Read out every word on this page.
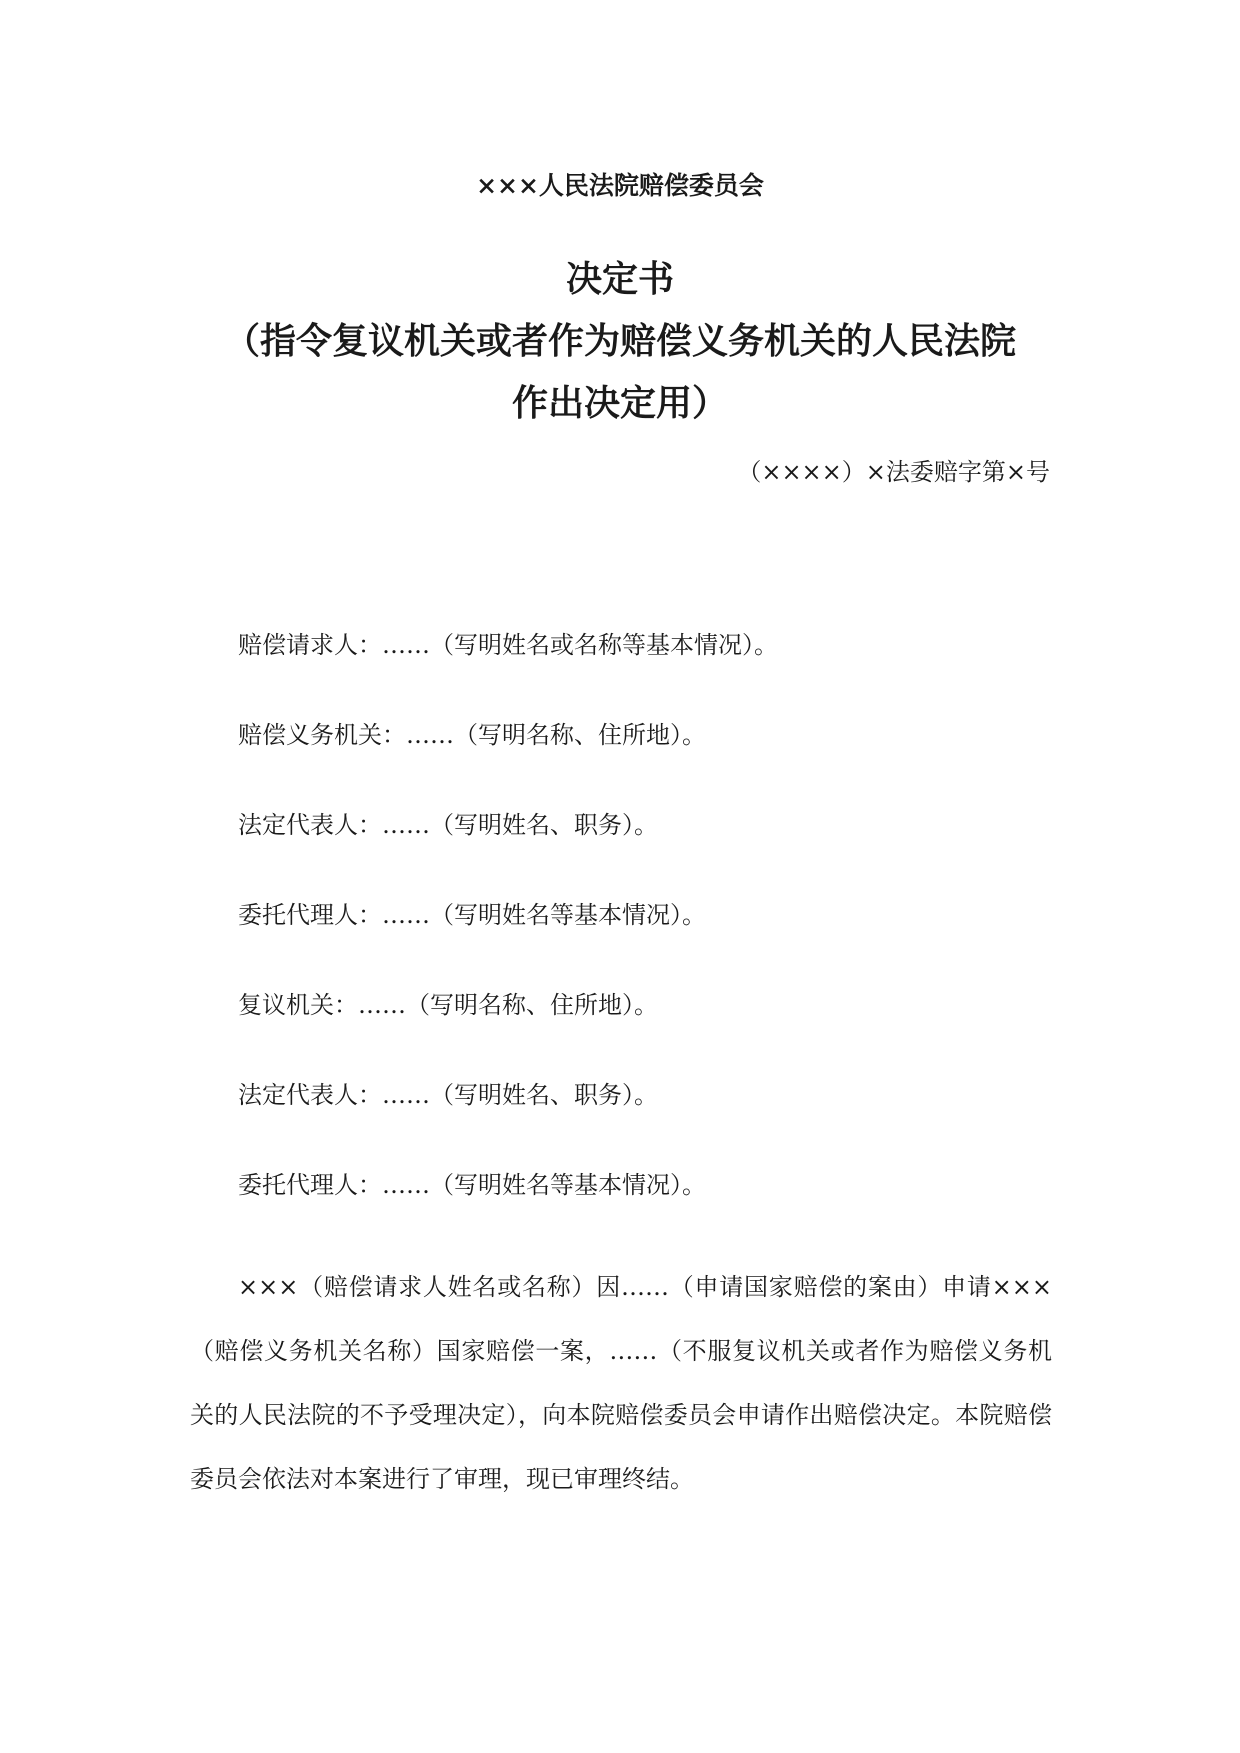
×××人民法院赔偿委员会
决定书
（指令复议机关或者作为赔偿义务机关的人民法院
作出决定用）
（××××）×法委赔字第×号
赔偿请求人：……（写明姓名或名称等基本情况）。
赔偿义务机关：……（写明名称、住所地）。
法定代表人：……（写明姓名、职务）。
委托代理人：……（写明姓名等基本情况）。
复议机关：……（写明名称、住所地）。
法定代表人：……（写明姓名、职务）。
委托代理人：……（写明姓名等基本情况）。
×××（赔偿请求人姓名或名称）因……（申请国家赔偿的案由）申请×××（赔偿义务机关名称）国家赔偿一案，……（不服复议机关或者作为赔偿义务机关的人民法院的不予受理决定），向本院赔偿委员会申请作出赔偿决定。本院赔偿委员会依法对本案进行了审理，现已审理终结。
